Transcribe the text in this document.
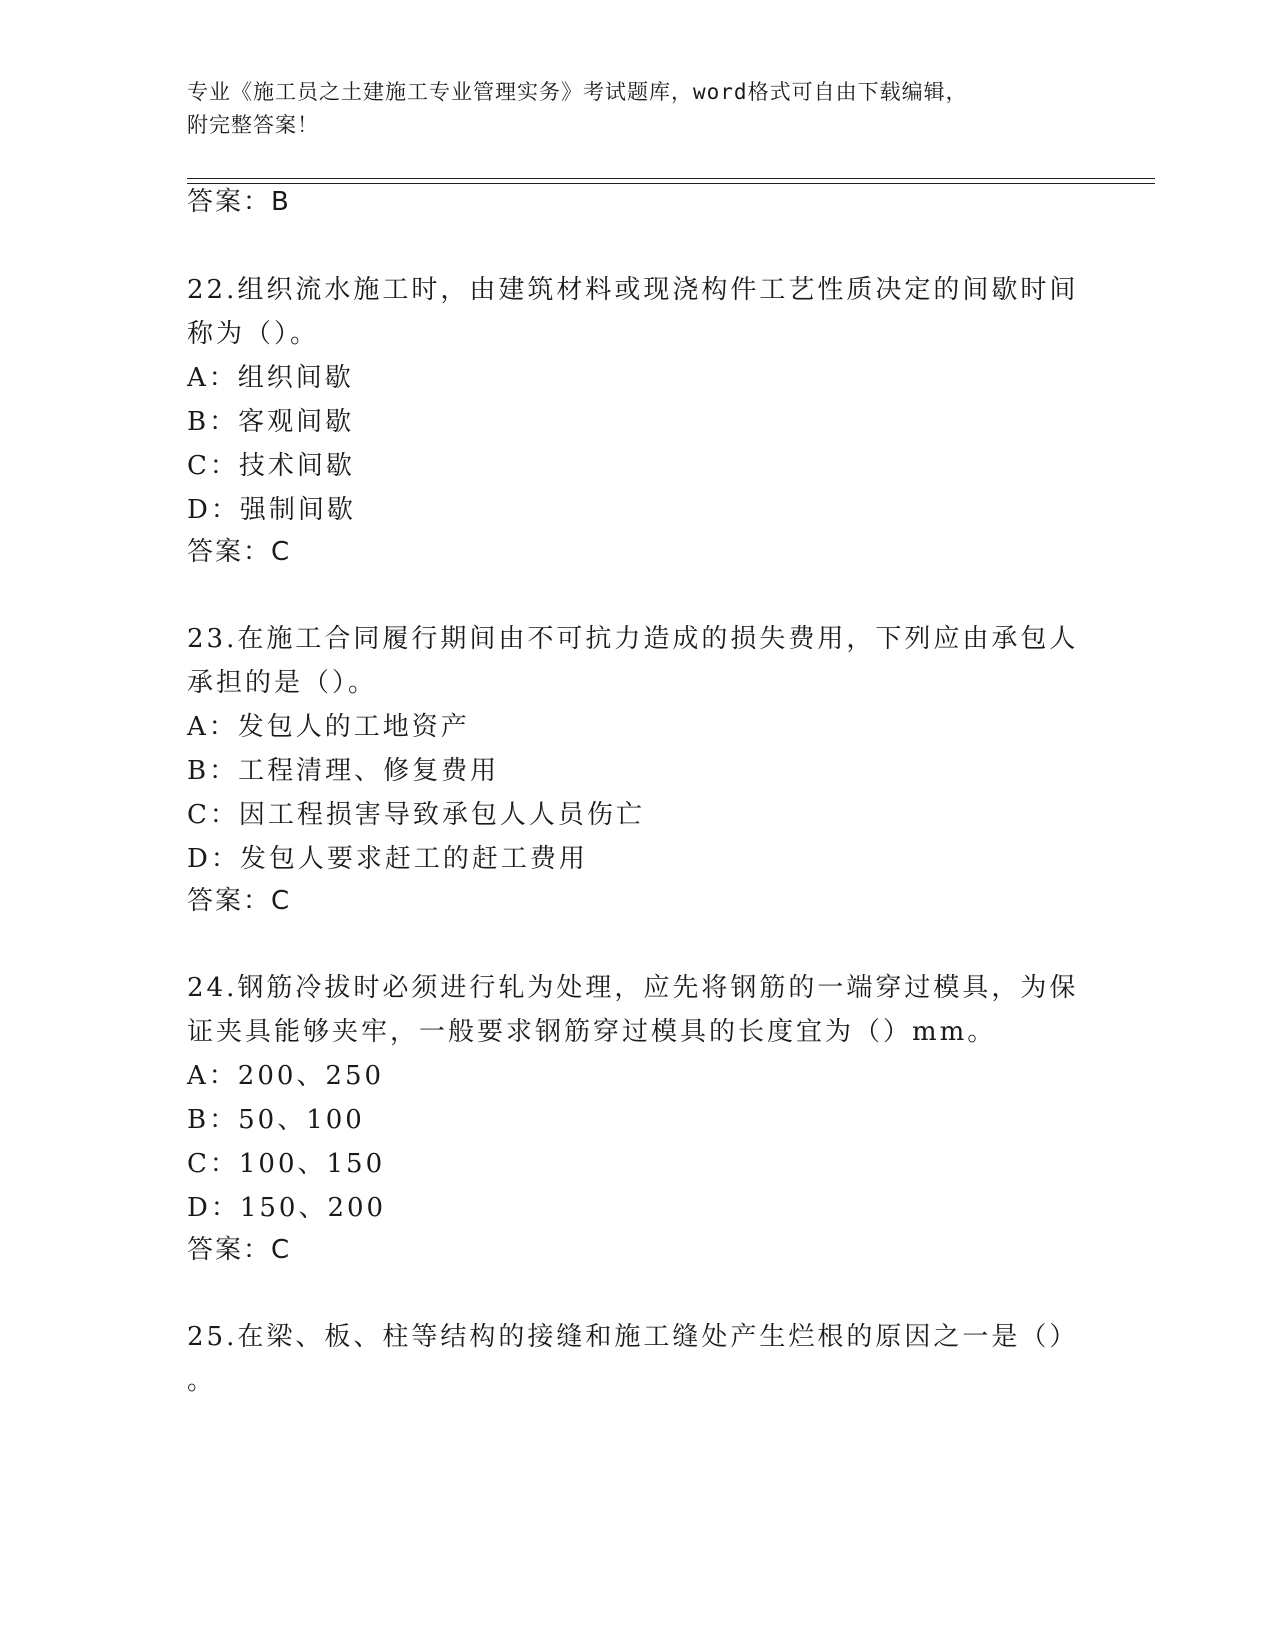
专业《施工员之土建施工专业管理实务》考试题库，word格式可自由下载编辑，
附完整答案！
答案：B
22.组织流水施工时，由建筑材料或现浇构件工艺性质决定的间歇时间
称为（）。
A：组织间歇
B：客观间歇
C：技术间歇
D：强制间歇
答案：C
23.在施工合同履行期间由不可抗力造成的损失费用，下列应由承包人
承担的是（）。
A：发包人的工地资产
B：工程清理、修复费用
C：因工程损害导致承包人人员伤亡
D：发包人要求赶工的赶工费用
答案：C
24.钢筋冷拔时必须进行轧为处理，应先将钢筋的一端穿过模具，为保
证夹具能够夹牢，一般要求钢筋穿过模具的长度宜为（）mm。
A：200、250
B：50、100
C：100、150
D：150、200
答案：C
25.在梁、板、柱等结构的接缝和施工缝处产生烂根的原因之一是（）
。
